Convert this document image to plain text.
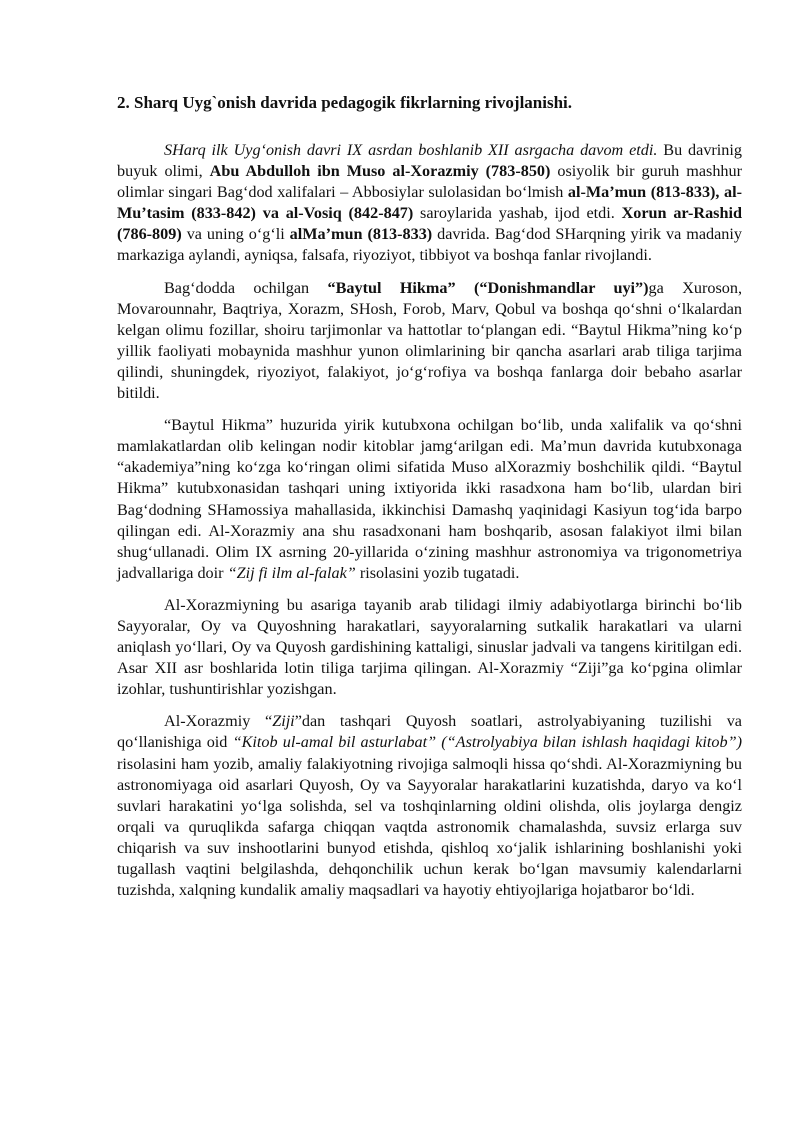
2. Sharq Uyg`onish davrida pedagogik fikrlarning rivojlanishi.

SHarq ilk Uyg‘onish davri IX asrdan boshlanib XII asrgacha davom etdi. Bu davrinig buyuk olimi, Abu Abdulloh ibn Muso al-Xorazmiy (783-850) osiyolik bir guruh mashhur olimlar singari Bag‘dod xalifalari – Abbosiylar sulolasidan bo‘lmish al-Ma’mun (813-833), al-Mu’tasim (833-842) va al-Vosiq (842-847) saroylarida yashab, ijod etdi. Xorun ar-Rashid (786-809) va uning o‘g‘li alMa’mun (813-833) davrida. Bag‘dod SHarqning yirik va madaniy markaziga aylandi, ayniqsa, falsafa, riyoziyot, tibbiyot va boshqa fanlar rivojlandi.

Bag‘dodda ochilgan “Baytul Hikma” (“Donishmandlar uyi”)ga Xuroson, Movarounnahr, Baqtriya, Xorazm, SHosh, Forob, Marv, Qobul va boshqa qo‘shni o‘lkalardan kelgan olimu fozillar, shoiru tarjimonlar va hattotlar to‘plangan edi. “Baytul Hikma”ning ko‘p yillik faoliyati mobaynida mashhur yunon olimlarining bir qancha asarlari arab tiliga tarjima qilindi, shuningdek, riyoziyot, falakiyot, jo‘g‘rofiya va boshqa fanlarga doir bebaho asarlar bitildi.

“Baytul Hikma” huzurida yirik kutubxona ochilgan bo‘lib, unda xalifalik va qo‘shni mamlakatlardan olib kelingan nodir kitoblar jamg‘arilgan edi. Ma’mun davrida kutubxonaga “akademiya”ning ko‘zga ko‘ringan olimi sifatida Muso alXorazmiy boshchilik qildi. “Baytul Hikma” kutubxonasidan tashqari uning ixtiyorida ikki rasadxona ham bo‘lib, ulardan biri Bag‘dodning SHamossiya mahallasida, ikkinchisi Damashq yaqinidagi Kasiyun tog‘ida barpo qilingan edi. Al-Xorazmiy ana shu rasadxonani ham boshqarib, asosan falakiyot ilmi bilan shug‘ullanadi. Olim IX asrning 20-yillarida o‘zining mashhur astronomiya va trigonometriya jadvallariga doir “Zij fi ilm al-falak” risolasini yozib tugatadi.

Al-Xorazmiyning bu asariga tayanib arab tilidagi ilmiy adabiyotlarga birinchi bo‘lib Sayyoralar, Oy va Quyoshning harakatlari, sayyoralarning sutkalik harakatlari va ularni aniqlash yo‘llari, Oy va Quyosh gardishining kattaligi, sinuslar jadvali va tangens kiritilgan edi. Asar XII asr boshlarida lotin tiliga tarjima qilingan. Al-Xorazmiy “Ziji”ga ko‘pgina olimlar izohlar, tushuntirishlar yozishgan.

Al-Xorazmiy “Ziji”dan tashqari Quyosh soatlari, astrolyabiyaning tuzilishi va qo‘llanishiga oid “Kitob ul-amal bil asturlabat” (“Astrolyabiya bilan ishlash haqidagi kitob”) risolasini ham yozib, amaliy falakiyotning rivojiga salmoqli hissa qo‘shdi. Al-Xorazmiyning bu astronomiyaga oid asarlari Quyosh, Oy va Sayyoralar harakatlarini kuzatishda, daryo va ko‘l suvlari harakatini yo‘lga solishda, sel va toshqinlarning oldini olishda, olis joylarga dengiz orqali va quruqlikda safarga chiqqan vaqtda astronomik chamalashda, suvsiz erlarga suv chiqarish va suv inshootlarini bunyod etishda, qishloq xo‘jalik ishlarining boshlanishi yoki tugallash vaqtini belgilashda, dehqonchilik uchun kerak bo‘lgan mavsumiy kalendarlarni tuzishda, xalqning kundalik amaliy maqsadlari va hayotiy ehtiyojlariga hojatbaror bo‘ldi.
